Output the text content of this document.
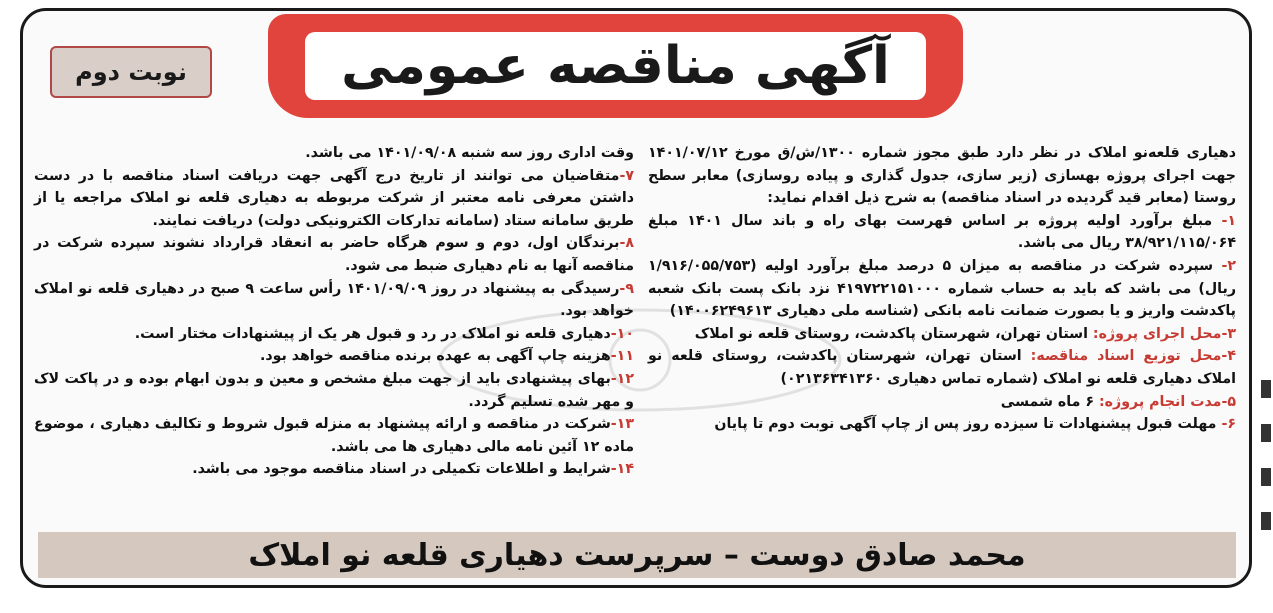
آگهی مناقصه عمومی
نوبت دوم

دهیاری قلعه‌نو املاک در نظر دارد طبق مجوز شماره ۱۳۰۰/ش/ق مورخ ۱۴۰۱/۰۷/۱۲ جهت اجرای پروژه بهسازی (زیر سازی، جدول گذاری و پیاده روسازی) معابر سطح روستا (معابر قید گردیده در اسناد مناقصه) به شرح ذیل اقدام نماید:

۱- مبلغ برآورد اولیه پروژه بر اساس فهرست بهای راه و باند سال ۱۴۰۱ مبلغ ۳۸/۹۲۱/۱۱۵/۰۶۴ ریال می باشد.

۲- سپرده شرکت در مناقصه به میزان ۵ درصد مبلغ برآورد اولیه (۱/۹۱۶/۰۵۵/۷۵۳ ریال) می باشد که باید به حساب شماره ۴۱۹۷۲۲۱۵۱۰۰۰ نزد بانک پست بانک شعبه پاکدشت واریز و یا بصورت ضمانت نامه بانکی (شناسه ملی دهیاری ۱۴۰۰۶۲۴۹۶۱۳)

۳-محل اجرای پروژه: استان تهران، شهرستان پاکدشت، روستای قلعه نو املاک

۴-محل توزیع اسناد مناقصه: استان تهران، شهرستان پاکدشت، روستای قلعه نو املاک دهیاری قلعه نو املاک (شماره تماس دهیاری ۰۲۱۳۶۳۴۱۳۶۰)

۵-مدت انجام پروژه: ۶ ماه شمسی

۶- مهلت قبول پیشنهادات تا سیزده روز پس از چاپ آگهی نوبت دوم تا پایان

وقت اداری روز سه شنبه ۱۴۰۱/۰۹/۰۸ می باشد.

۷-متقاضیان می توانند از تاریخ درج آگهی جهت دریافت اسناد مناقصه با در دست داشتن معرفی نامه معتبر از شرکت مربوطه به دهیاری قلعه نو املاک مراجعه یا از طریق سامانه ستاد (سامانه تدارکات الکترونیکی دولت) دریافت نمایند.

۸-برندگان اول، دوم و سوم هرگاه حاضر به انعقاد قرارداد نشوند سپرده شرکت در مناقصه آنها به نام دهیاری ضبط می شود.

۹-رسیدگی به پیشنهاد در روز ۱۴۰۱/۰۹/۰۹ رأس ساعت ۹ صبح در دهیاری قلعه نو املاک خواهد بود.

۱۰-دهیاری قلعه نو املاک در رد و قبول هر یک از پیشنهادات مختار است.

۱۱-هزینه چاپ آگهی به عهده برنده مناقصه خواهد بود.

۱۲-بهای پیشنهادی باید از جهت مبلغ مشخص و معین و بدون ابهام بوده و در پاکت لاک و مهر شده تسلیم گردد.

۱۳-شرکت در مناقصه و ارائه پیشنهاد به منزله قبول شروط و تکالیف دهیاری ، موضوع ماده ۱۲ آئین نامه مالی دهیاری ها می باشد.

۱۴-شرایط و اطلاعات تکمیلی در اسناد مناقصه موجود می باشد.

محمد صادق دوست – سرپرست دهیاری قلعه نو املاک
